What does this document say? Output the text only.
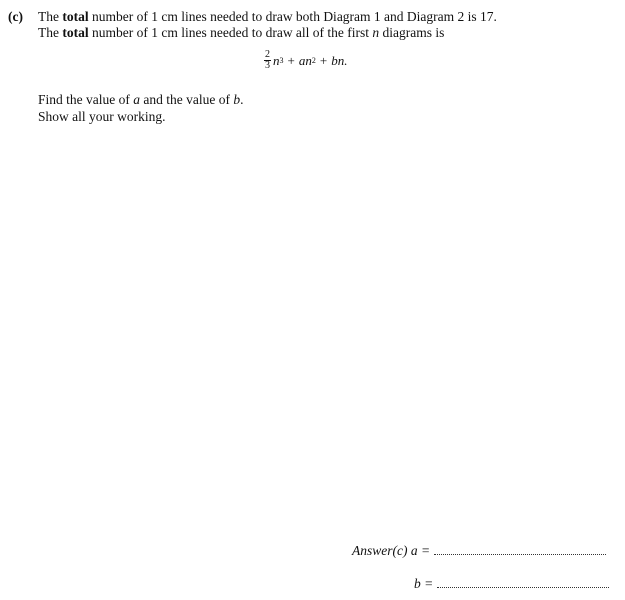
(c) The total number of 1 cm lines needed to draw both Diagram 1 and Diagram 2 is 17.
The total number of 1 cm lines needed to draw all of the first n diagrams is
$\frac{2}{3}$ n 3 + an 2 + bn.
Find the value of a and the value of b.
Show all your working.
Answer(c) a =
b =
